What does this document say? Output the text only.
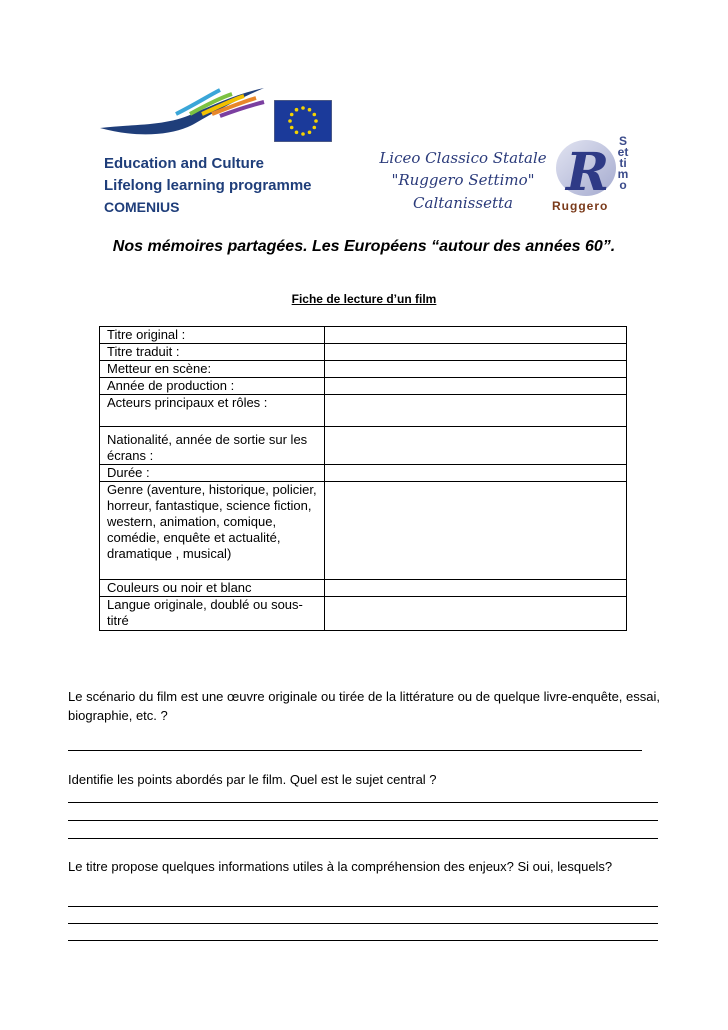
Education and Culture
Lifelong learning programme
COMENIUS
Liceo Classico Statale
"Ruggero Settimo"
Caltanissetta	R
Settimo
Ruggero
Nos mémoires partagées. Les Européens “autour des années 60”.
Fiche de lecture d’un film
Titre original :	
Titre traduit :	
Metteur en scène:	
Année de production :	
Acteurs principaux et rôles :	
Nationalité, année de sortie sur les écrans :	
Durée :	
Genre (aventure, historique, policier, horreur, fantastique, science fiction, western, animation, comique, comédie, enquête et actualité, dramatique , musical)	
Couleurs ou noir et blanc	
Langue originale, doublé ou sous-titré	
Le scénario du film est une œuvre originale ou tirée de la littérature ou de quelque livre-enquête, essai, biographie, etc. ?
Identifie les points abordés par le film. Quel est le sujet central ?
Le titre propose quelques informations utiles à la compréhension des enjeux? Si oui, lesquels?
